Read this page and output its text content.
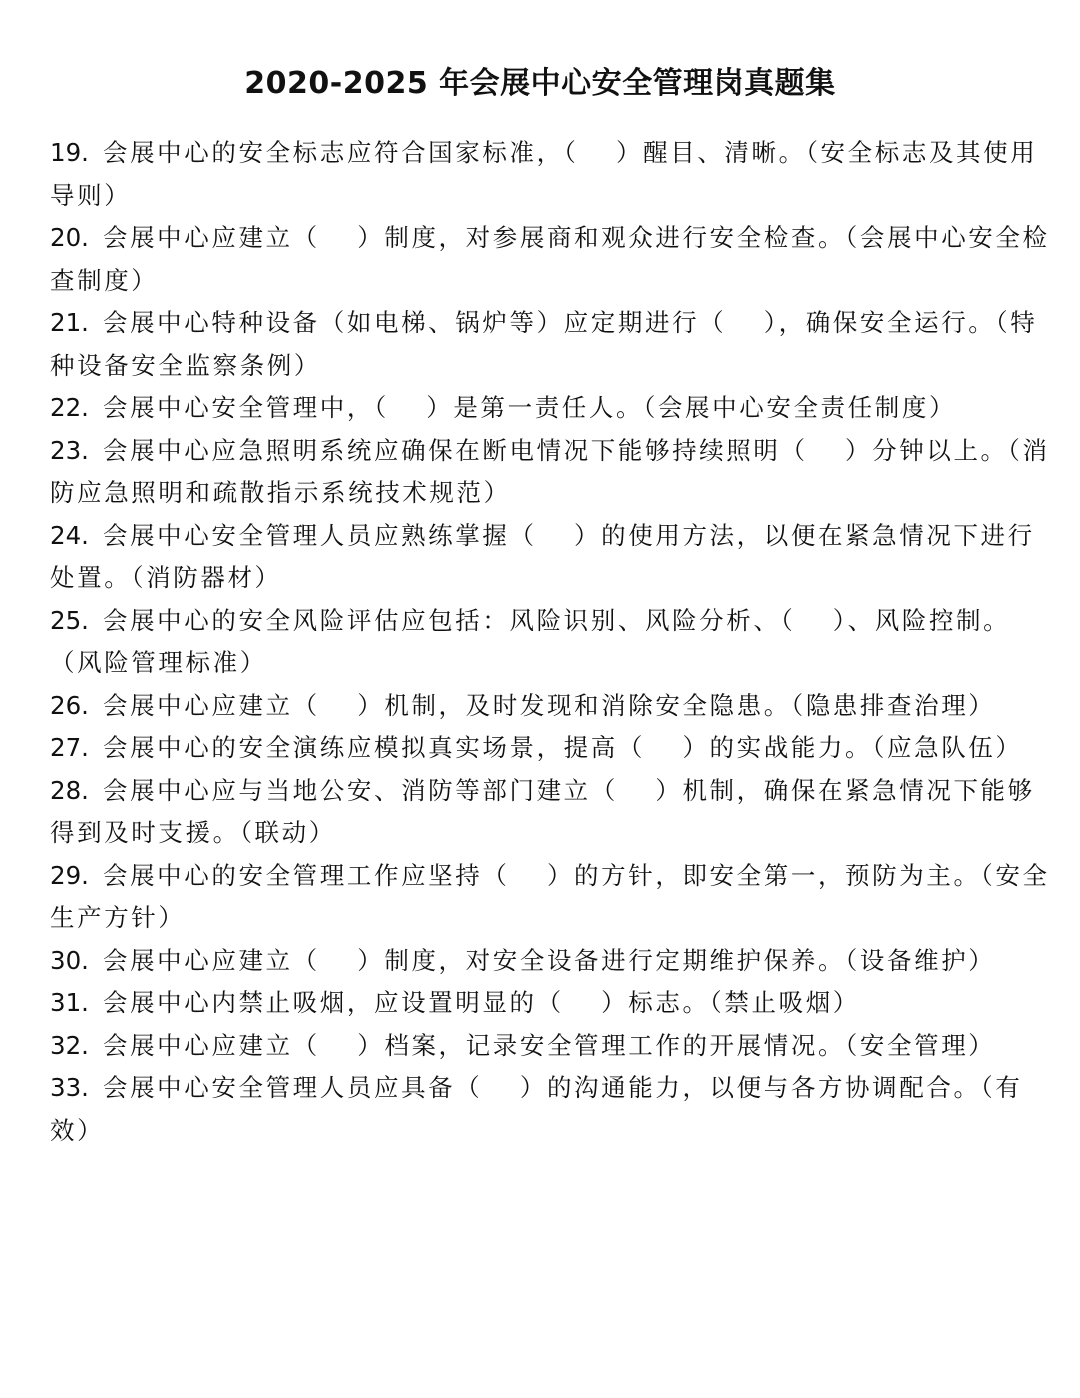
2020-2025 年会展中心安全管理岗真题集

19. 会展中心的安全标志应符合国家标准，（　 ）醒目、清晰。（安全标志及其使用导则）

20. 会展中心应建立（　 ）制度，对参展商和观众进行安全检查。（会展中心安全检查制度）

21. 会展中心特种设备（如电梯、锅炉等）应定期进行（　 ），确保安全运行。（特种设备安全监察条例）

22. 会展中心安全管理中，（　 ）是第一责任人。（会展中心安全责任制度）

23. 会展中心应急照明系统应确保在断电情况下能够持续照明（　 ）分钟以上。（消防应急照明和疏散指示系统技术规范）

24. 会展中心安全管理人员应熟练掌握（　 ）的使用方法，以便在紧急情况下进行处置。（消防器材）

25. 会展中心的安全风险评估应包括：风险识别、风险分析、（　 ）、风险控制。（风险管理标准）

26. 会展中心应建立（　 ）机制，及时发现和消除安全隐患。（隐患排查治理）

27. 会展中心的安全演练应模拟真实场景，提高（　 ）的实战能力。（应急队伍）

28. 会展中心应与当地公安、消防等部门建立（　 ）机制，确保在紧急情况下能够得到及时支援。（联动）

29. 会展中心的安全管理工作应坚持（　 ）的方针，即安全第一，预防为主。（安全生产方针）

30. 会展中心应建立（　 ）制度，对安全设备进行定期维护保养。（设备维护）

31. 会展中心内禁止吸烟，应设置明显的（　 ）标志。（禁止吸烟）

32. 会展中心应建立（　 ）档案，记录安全管理工作的开展情况。（安全管理）

33. 会展中心安全管理人员应具备（　 ）的沟通能力，以便与各方协调配合。（有效）
